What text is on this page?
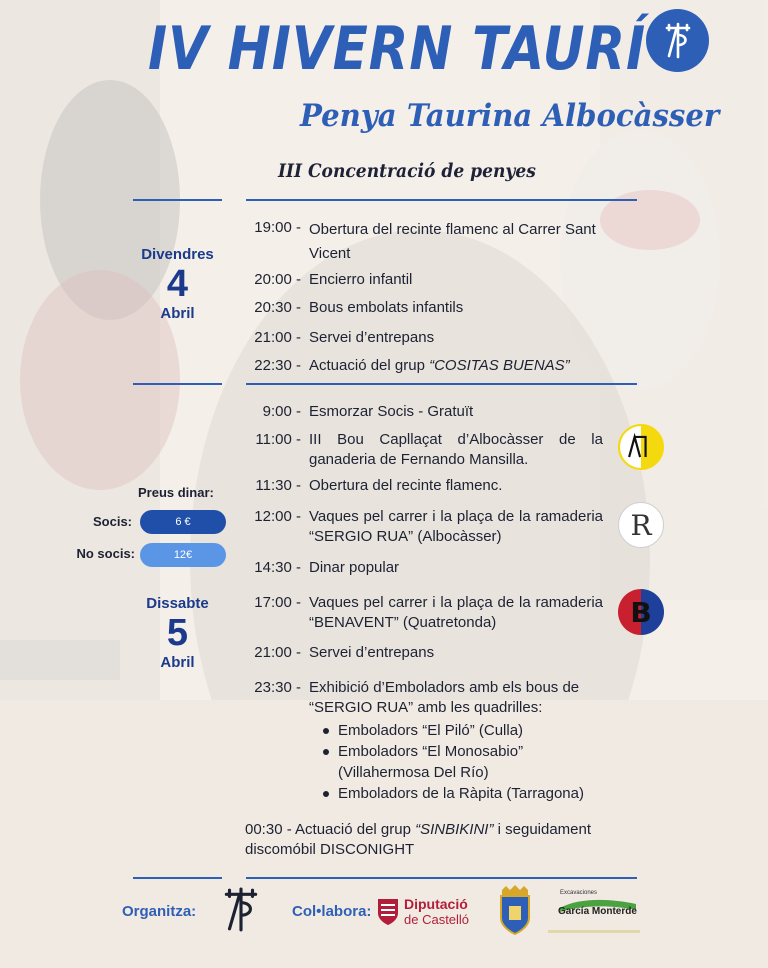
IV HIVERN TAURÍ
Penya Taurina Albocàsser
III Concentració de penyes
Divendres
4
Abril
19:00 - Obertura del recinte flamenc al Carrer Sant Vicent
20:00 - Encierro infantil
20:30 - Bous embolats infantils
21:00 - Servei d’entrepans
22:30 - Actuació del grup “COSITAS BUENAS”
9:00 - Esmorzar Socis - Gratuït
11:00 - III Bou Capllaçat d’Albocàsser de la ganaderia de Fernando Mansilla.
11:30 - Obertura del recinte flamenc.
12:00 - Vaques pel carrer i la plaça de la ramaderia “SERGIO RUA” (Albocàsser)
14:30 - Dinar popular
17:00 - Vaques pel carrer i la plaça de la ramaderia “BENAVENT” (Quatretonda)
21:00 - Servei d’entrepans
23:30 - Exhibició d’Emboladors amb els bous de “SERGIO RUA” amb les quadrilles:
Emboladors “El Piló” (Culla)
Emboladors “El Monosabio” (Villahermosa Del Río)
Emboladors de la Ràpita (Tarragona)
00:30 - Actuació del grup “SINBIKINI” i seguidament discomóbil DISCONIGHT
Dissabte
5
Abril
Preus dinar:
Socis:	6 €
No socis:	12€
R
B
Organitza:	Col•labora: Diputació
de Castelló
Excavaciones
García Monterde
